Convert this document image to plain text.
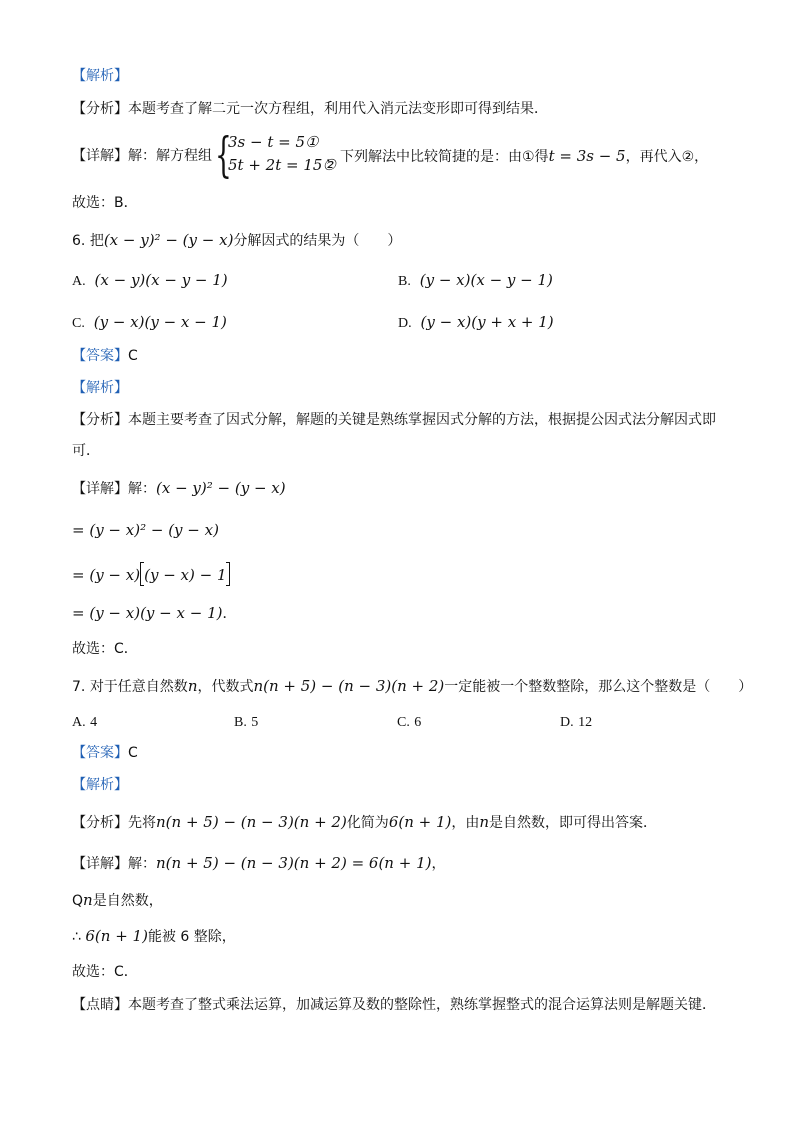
【解析】
【分析】本题考查了解二元一次方程组，利用代入消元法变形即可得到结果．
【详解】解：解方程组 {
3s − t = 5①
5t + 2t = 15②
，下列解法中比较简捷的是：由①得t = 3s − 5，再代入②，
故选：B．
6. 把(x − y)² − (y − x)分解因式的结果为（　　）
A. (x − y)(x − y − 1)	B. (y − x)(x − y − 1)
C. (y − x)(y − x − 1)	D. (y − x)(y + x + 1)
【答案】C
【解析】
【分析】本题主要考查了因式分解，解题的关键是熟练掌握因式分解的方法，根据提公因式法分解因式即
可．
【详解】解：(x − y)² − (y − x)
= (y − x)² − (y − x)
= (y − x) (y − x) − 1
= (y − x)(y − x − 1)．
故选：C．
7. 对于任意自然数n，代数式n(n + 5) − (n − 3)(n + 2)一定能被一个整数整除，那么这个整数是（　　）
A. 4	B. 5	C. 6	D. 12
【答案】C
【解析】
【分析】先将n(n + 5) − (n − 3)(n + 2)化简为6(n + 1)，由n是自然数，即可得出答案．
【详解】解：n(n + 5) − (n − 3)(n + 2) = 6(n + 1)，
Qn是自然数，
∴ 6(n + 1)能被 6 整除，
故选：C．
【点睛】本题考查了整式乘法运算，加减运算及数的整除性，熟练掌握整式的混合运算法则是解题关键．
